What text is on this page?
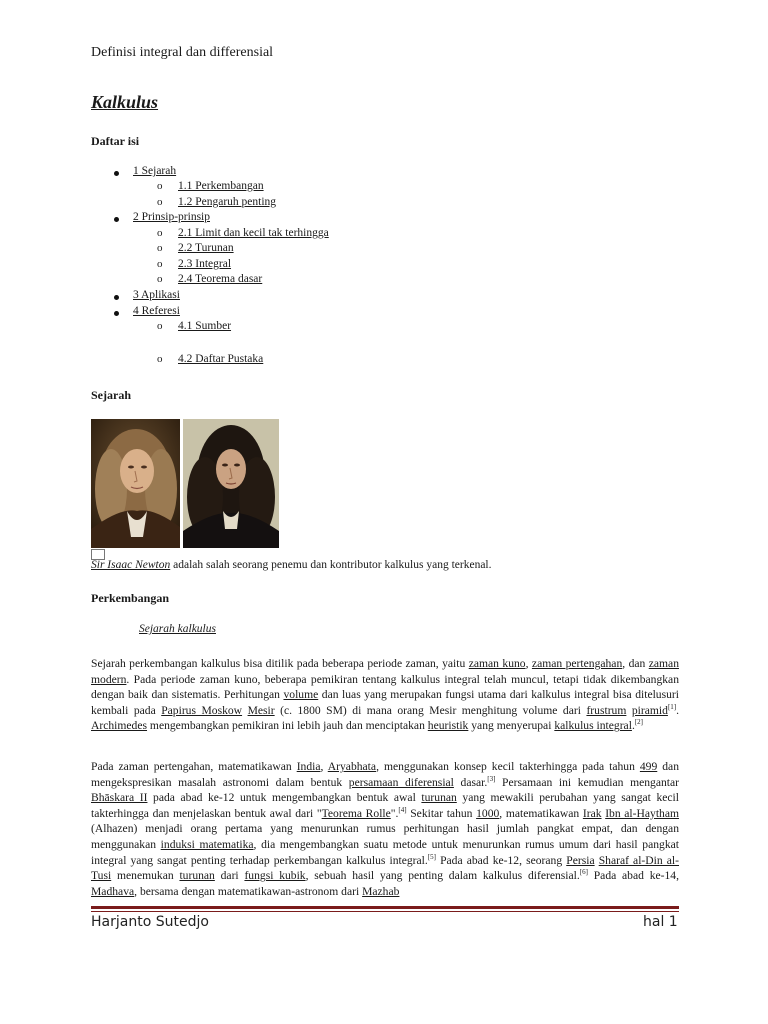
Definisi integral dan differensial
Kalkulus
Daftar isi
1 Sejarah
o 1.1 Perkembangan
o 1.2 Pengaruh penting
2 Prinsip-prinsip
o 2.1 Limit dan kecil tak terhingga
o 2.2 Turunan
o 2.3 Integral
o 2.4 Teorema dasar
3 Aplikasi
4 Referesi
o 4.1 Sumber
o 4.2 Daftar Pustaka
Sejarah
Sir Isaac Newton adalah salah seorang penemu dan kontributor kalkulus yang terkenal.
Perkembangan
Sejarah kalkulus
Sejarah perkembangan kalkulus bisa ditilik pada beberapa periode zaman, yaitu zaman kuno, zaman pertengahan, dan zaman modern. Pada periode zaman kuno, beberapa pemikiran tentang kalkulus integral telah muncul, tetapi tidak dikembangkan dengan baik dan sistematis. Perhitungan volume dan luas yang merupakan fungsi utama dari kalkulus integral bisa ditelusuri kembali pada Papirus Moskow Mesir (c. 1800 SM) di mana orang Mesir menghitung volume dari frustrum piramid[1]. Archimedes mengembangkan pemikiran ini lebih jauh dan menciptakan heuristik yang menyerupai kalkulus integral.[2]
Pada zaman pertengahan, matematikawan India, Aryabhata, menggunakan konsep kecil takterhingga pada tahun 499 dan mengekspresikan masalah astronomi dalam bentuk persamaan diferensial dasar.[3] Persamaan ini kemudian mengantar Bhāskara II pada abad ke-12 untuk mengembangkan bentuk awal turunan yang mewakili perubahan yang sangat kecil takterhingga dan menjelaskan bentuk awal dari "Teorema Rolle".[4] Sekitar tahun 1000, matematikawan Irak Ibn al-Haytham (Alhazen) menjadi orang pertama yang menurunkan rumus perhitungan hasil jumlah pangkat empat, dan dengan menggunakan induksi matematika, dia mengembangkan suatu metode untuk menurunkan rumus umum dari hasil pangkat integral yang sangat penting terhadap perkembangan kalkulus integral.[5] Pada abad ke-12, seorang Persia Sharaf al-Din al-Tusi menemukan turunan dari fungsi kubik, sebuah hasil yang penting dalam kalkulus diferensial.[6] Pada abad ke-14, Madhava, bersama dengan matematikawan-astronom dari Mazhab
Harjanto Sutedjo	hal 1
